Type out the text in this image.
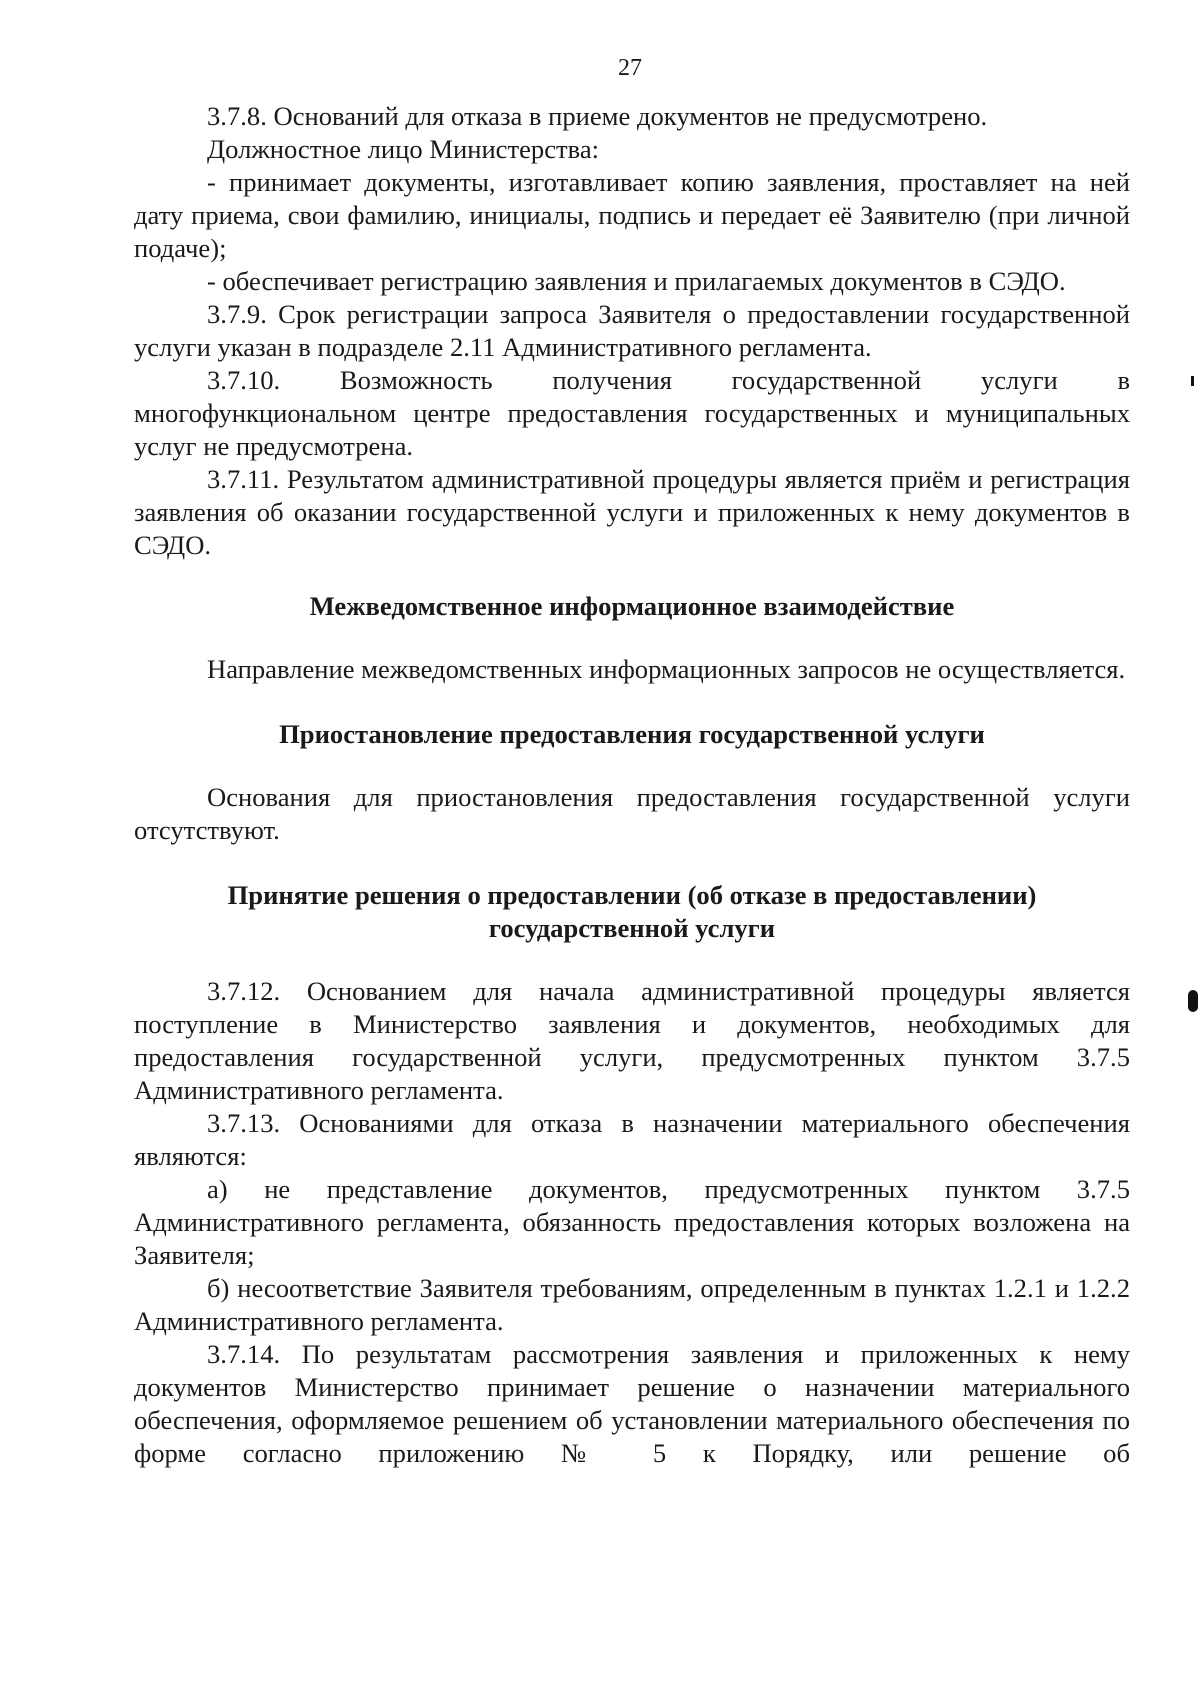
27

3.7.8. Оснований для отказа в приеме документов не предусмотрено.

Должностное лицо Министерства:

- принимает документы, изготавливает копию заявления, проставляет на ней дату приема, свои фамилию, инициалы, подпись и передает её Заявителю (при личной подаче);

- обеспечивает регистрацию заявления и прилагаемых документов в СЭДО.

3.7.9. Срок регистрации запроса Заявителя о предоставлении государственной услуги указан в подразделе 2.11 Административного регламента.

3.7.10. Возможность получения государственной услуги в многофункциональном центре предоставления государственных и муниципальных услуг не предусмотрена.

3.7.11. Результатом административной процедуры является приём и регистрация заявления об оказании государственной услуги и приложенных к нему документов в СЭДО.

Межведомственное информационное взаимодействие

Направление межведомственных информационных запросов не осуществляется.

Приостановление предоставления государственной услуги

Основания для приостановления предоставления государственной услуги отсутствуют.

Принятие решения о предоставлении (об отказе в предоставлении)
государственной услуги

3.7.12. Основанием для начала административной процедуры является поступление в Министерство заявления и документов, необходимых для предоставления государственной услуги, предусмотренных пунктом 3.7.5 Административного регламента.

3.7.13. Основаниями для отказа в назначении материального обеспечения являются:

а) не представление документов, предусмотренных пунктом 3.7.5 Административного регламента, обязанность предоставления которых возложена на Заявителя;

б) несоответствие Заявителя требованиям, определенным в пунктах 1.2.1 и 1.2.2 Административного регламента.

3.7.14. По результатам рассмотрения заявления и приложенных к нему документов Министерство принимает решение о назначении материального обеспечения, оформляемое решением об установлении материального обеспечения по форме согласно приложению № 5 к Порядку, или решение об
